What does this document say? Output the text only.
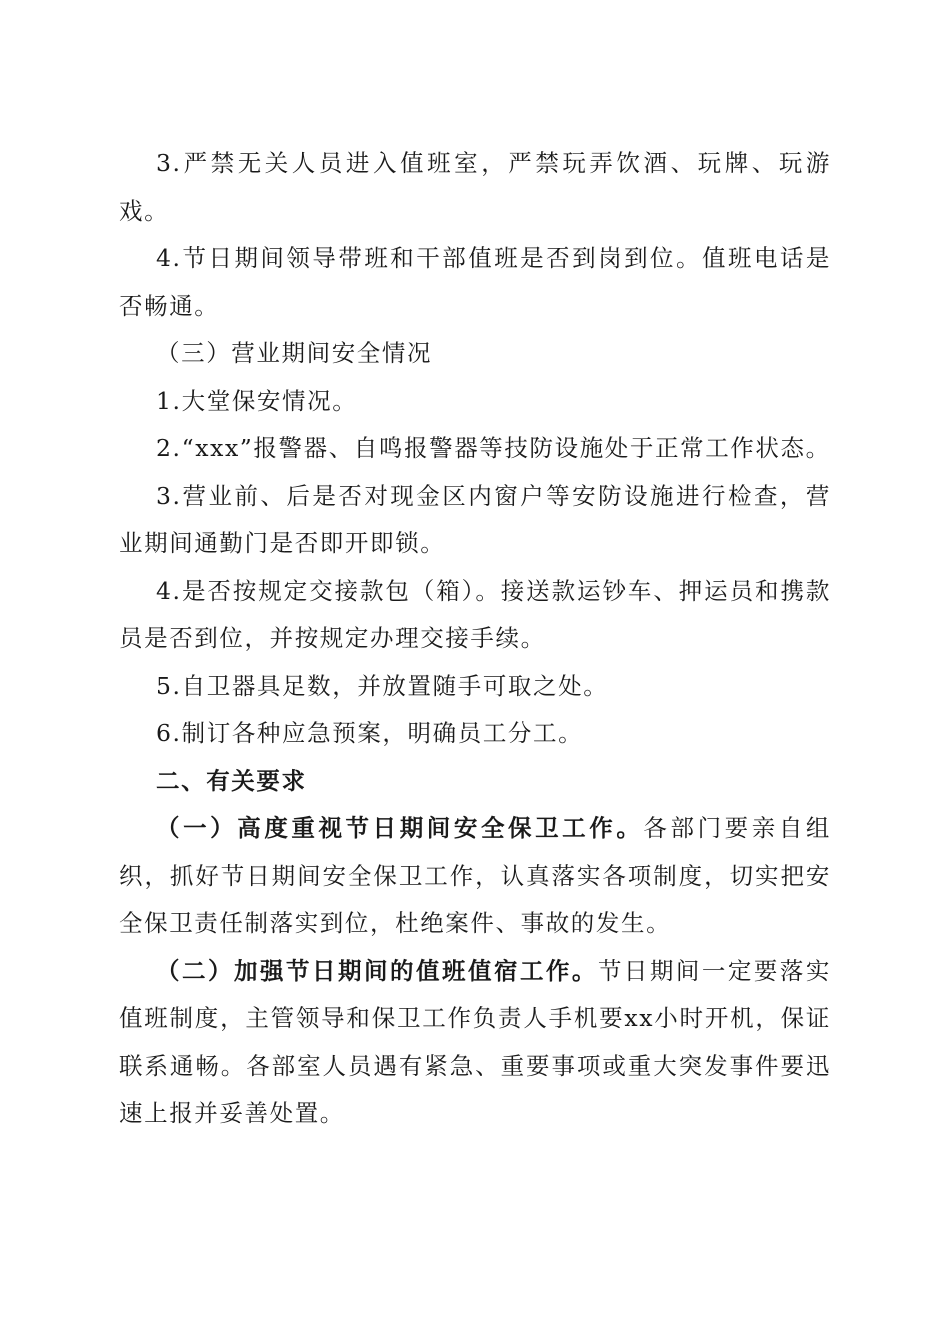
3.严禁无关人员进入值班室，严禁玩弄饮酒、玩牌、玩游戏。

4.节日期间领导带班和干部值班是否到岗到位。值班电话是否畅通。

（三）营业期间安全情况

1.大堂保安情况。

2.“xxx”报警器、自鸣报警器等技防设施处于正常工作状态。

3.营业前、后是否对现金区内窗户等安防设施进行检查，营业期间通勤门是否即开即锁。

4.是否按规定交接款包（箱）。接送款运钞车、押运员和携款员是否到位，并按规定办理交接手续。

5.自卫器具足数，并放置随手可取之处。

6.制订各种应急预案，明确员工分工。

二、有关要求

（一）高度重视节日期间安全保卫工作。各部门要亲自组织，抓好节日期间安全保卫工作，认真落实各项制度，切实把安全保卫责任制落实到位，杜绝案件、事故的发生。

（二）加强节日期间的值班值宿工作。节日期间一定要落实值班制度，主管领导和保卫工作负责人手机要xx小时开机，保证联系通畅。各部室人员遇有紧急、重要事项或重大突发事件要迅速上报并妥善处置。
